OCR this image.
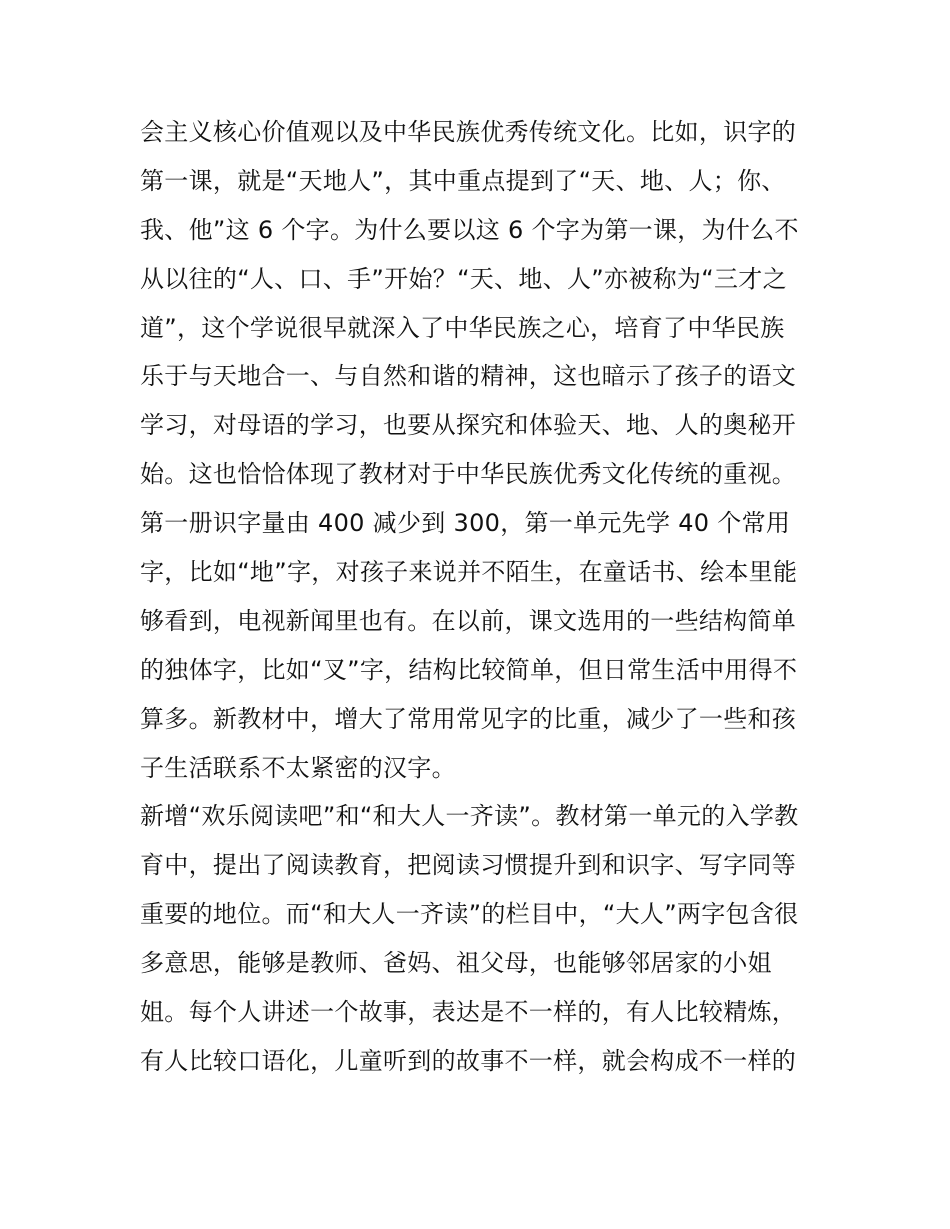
会主义核心价值观以及中华民族优秀传统文化。比如，识字的
第一课，就是“天地人”，其中重点提到了“天、地、人；你、
我、他”这 6 个字。为什么要以这 6 个字为第一课，为什么不
从以往的“人、口、手”开始？“天、地、人”亦被称为“三才之
道”，这个学说很早就深入了中华民族之心，培育了中华民族
乐于与天地合一、与自然和谐的精神，这也暗示了孩子的语文
学习，对母语的学习，也要从探究和体验天、地、人的奥秘开
始。这也恰恰体现了教材对于中华民族优秀文化传统的重视。
第一册识字量由 400 减少到 300，第一单元先学 40 个常用
字，比如“地”字，对孩子来说并不陌生，在童话书、绘本里能
够看到，电视新闻里也有。在以前，课文选用的一些结构简单
的独体字，比如“叉”字，结构比较简单，但日常生活中用得不
算多。新教材中，增大了常用常见字的比重，减少了一些和孩
子生活联系不太紧密的汉字。
新增“欢乐阅读吧”和“和大人一齐读”。教材第一单元的入学教
育中，提出了阅读教育，把阅读习惯提升到和识字、写字同等
重要的地位。而“和大人一齐读”的栏目中，“大人”两字包含很
多意思，能够是教师、爸妈、祖父母，也能够邻居家的小姐
姐。每个人讲述一个故事，表达是不一样的，有人比较精炼，
有人比较口语化，儿童听到的故事不一样，就会构成不一样的
